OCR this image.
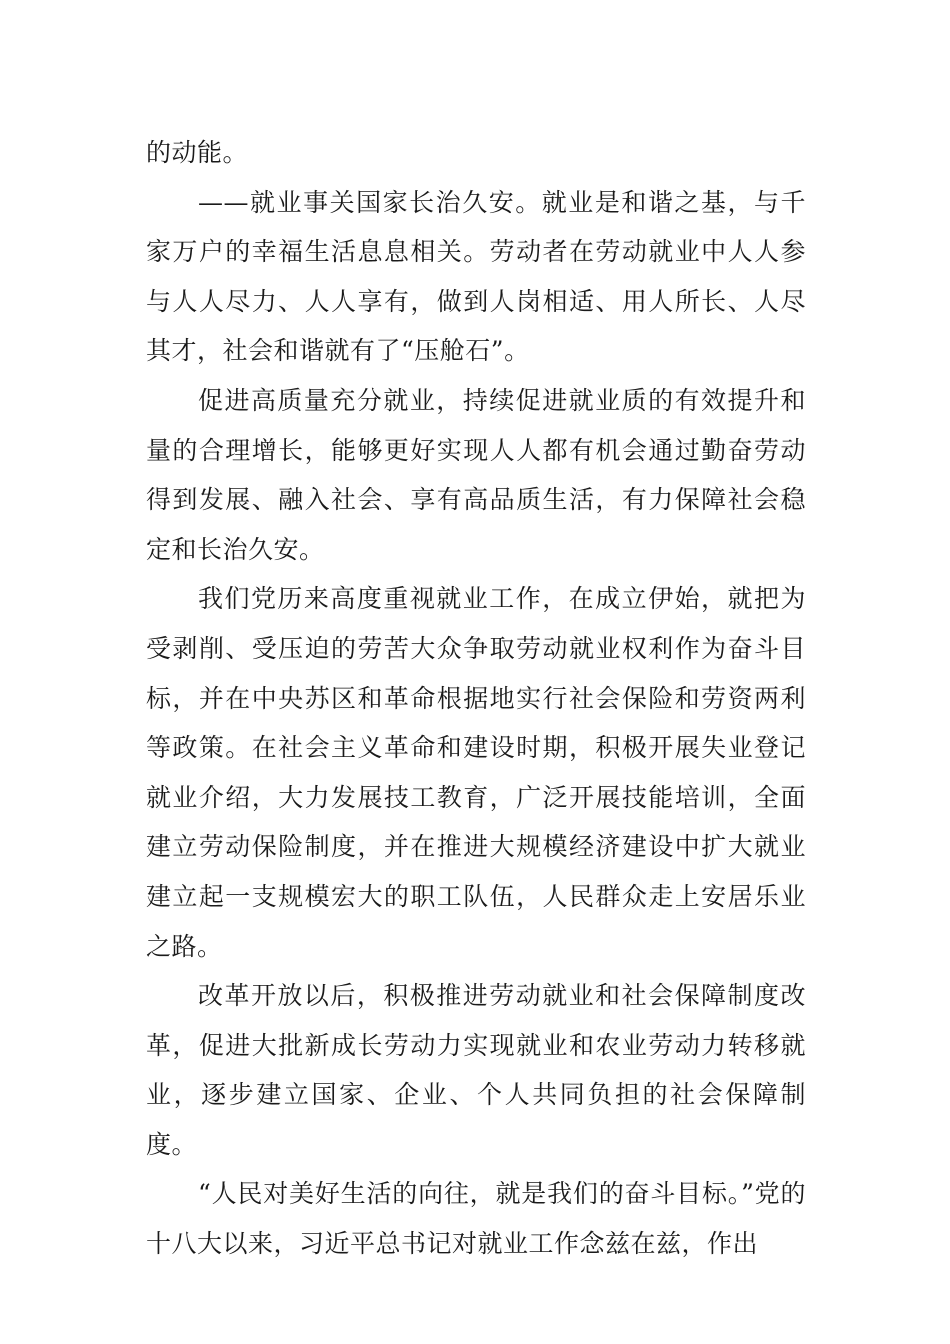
的动能。

——就业事关国家长治久安。就业是和谐之基，与千家万户的幸福生活息息相关。劳动者在劳动就业中人人参与人人尽力、人人享有，做到人岗相适、用人所长、人尽其才，社会和谐就有了“压舱石”。

促进高质量充分就业，持续促进就业质的有效提升和量的合理增长，能够更好实现人人都有机会通过勤奋劳动得到发展、融入社会、享有高品质生活，有力保障社会稳定和长治久安。

我们党历来高度重视就业工作，在成立伊始，就把为受剥削、受压迫的劳苦大众争取劳动就业权利作为奋斗目标，并在中央苏区和革命根据地实行社会保险和劳资两利等政策。在社会主义革命和建设时期，积极开展失业登记就业介绍，大力发展技工教育，广泛开展技能培训，全面建立劳动保险制度，并在推进大规模经济建设中扩大就业建立起一支规模宏大的职工队伍，人民群众走上安居乐业之路。

改革开放以后，积极推进劳动就业和社会保障制度改革，促进大批新成长劳动力实现就业和农业劳动力转移就业，逐步建立国家、企业、个人共同负担的社会保障制度。

“人民对美好生活的向往，就是我们的奋斗目标。”党的十八大以来，习近平总书记对就业工作念兹在兹，作出
